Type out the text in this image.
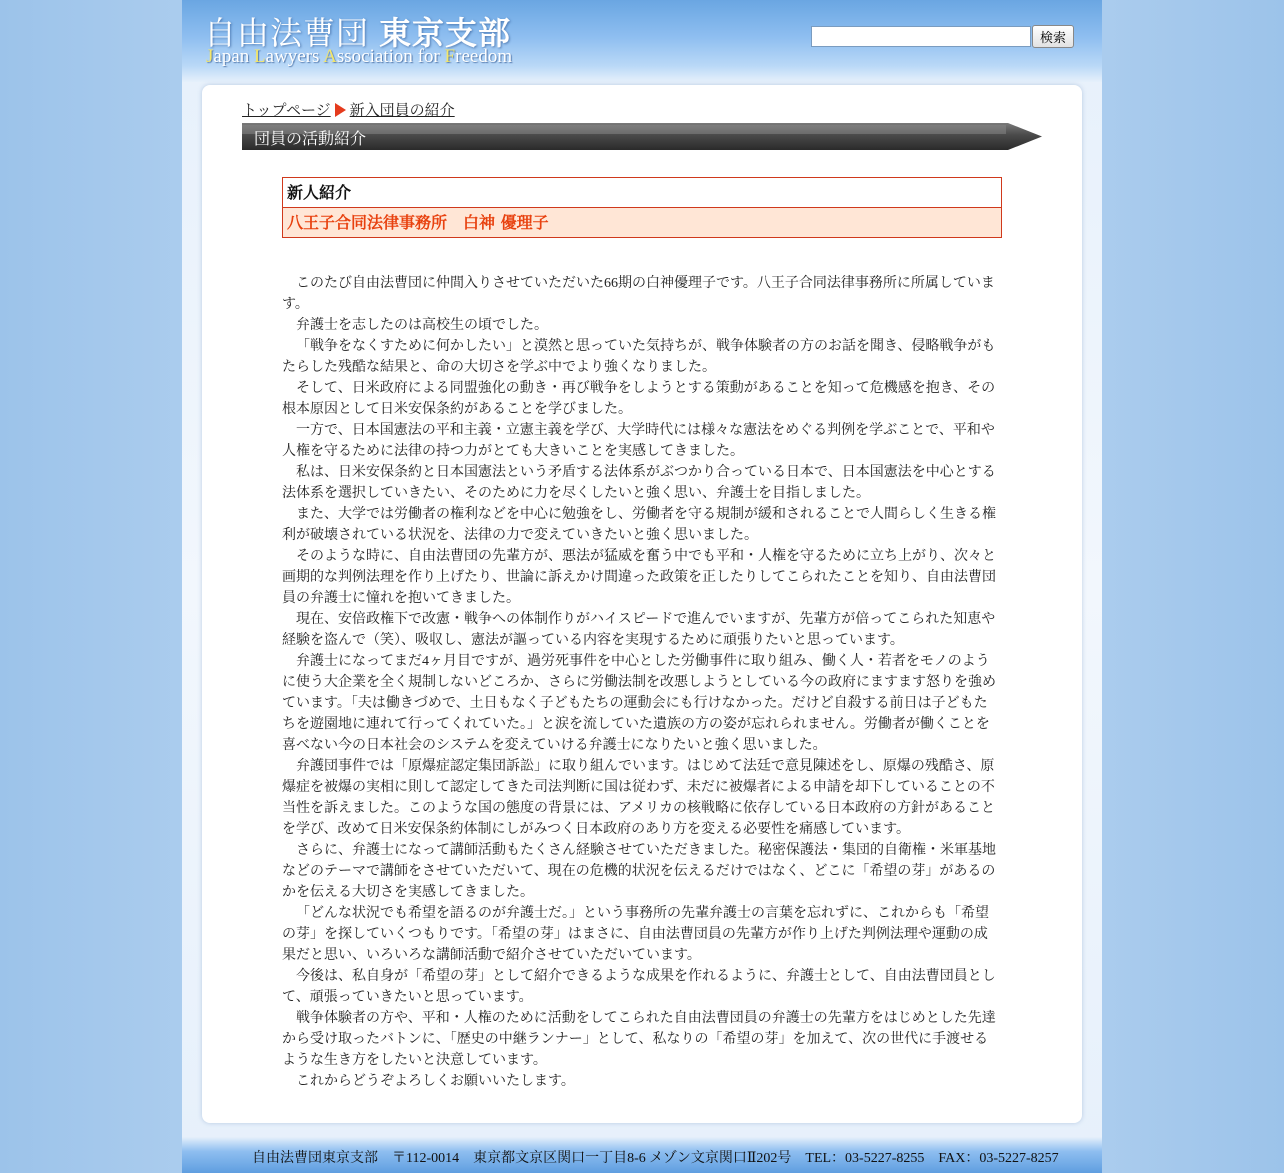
自由法曹団 東京支部
Japan Lawyers Association for Freedom
検索
トップページ 新入団員の紹介
団員の活動紹介
新人紹介
八王子合同法律事務所　白神 優理子

このたび自由法曹団に仲間入りさせていただいた66期の白神優理子です。八王子合同法律事務所に所属しています。

弁護士を志したのは高校生の頃でした。

「戦争をなくすために何かしたい」と漠然と思っていた気持ちが、戦争体験者の方のお話を聞き、侵略戦争がもたらした残酷な結果と、命の大切さを学ぶ中でより強くなりました。

そして、日米政府による同盟強化の動き・再び戦争をしようとする策動があることを知って危機感を抱き、その根本原因として日米安保条約があることを学びました。

一方で、日本国憲法の平和主義・立憲主義を学び、大学時代には様々な憲法をめぐる判例を学ぶことで、平和や人権を守るために法律の持つ力がとても大きいことを実感してきました。

私は、日米安保条約と日本国憲法という矛盾する法体系がぶつかり合っている日本で、日本国憲法を中心とする法体系を選択していきたい、そのために力を尽くしたいと強く思い、弁護士を目指しました。

また、大学では労働者の権利などを中心に勉強をし、労働者を守る規制が緩和されることで人間らしく生きる権利が破壊されている状況を、法律の力で変えていきたいと強く思いました。

そのような時に、自由法曹団の先輩方が、悪法が猛威を奮う中でも平和・人権を守るために立ち上がり、次々と画期的な判例法理を作り上げたり、世論に訴えかけ間違った政策を正したりしてこられたことを知り、自由法曹団員の弁護士に憧れを抱いてきました。

現在、安倍政権下で改憲・戦争への体制作りがハイスピードで進んでいますが、先輩方が倍ってこられた知恵や経験を盗んで（笑）、吸収し、憲法が謳っている内容を実現するために頑張りたいと思っています。

弁護士になってまだ4ヶ月目ですが、過労死事件を中心とした労働事件に取り組み、働く人・若者をモノのように使う大企業を全く規制しないどころか、さらに労働法制を改悪しようとしている今の政府にますます怒りを強めています。「夫は働きづめで、土日もなく子どもたちの運動会にも行けなかった。だけど自殺する前日は子どもたちを遊園地に連れて行ってくれていた。」と涙を流していた遺族の方の姿が忘れられません。労働者が働くことを喜べない今の日本社会のシステムを変えていける弁護士になりたいと強く思いました。

弁護団事件では「原爆症認定集団訴訟」に取り組んでいます。はじめて法廷で意見陳述をし、原爆の残酷さ、原爆症を被爆の実相に則して認定してきた司法判断に国は従わず、未だに被爆者による申請を却下していることの不当性を訴えました。このような国の態度の背景には、アメリカの核戦略に依存している日本政府の方針があることを学び、改めて日米安保条約体制にしがみつく日本政府のあり方を変える必要性を痛感しています。

さらに、弁護士になって講師活動もたくさん経験させていただきました。秘密保護法・集団的自衛権・米軍基地などのテーマで講師をさせていただいて、現在の危機的状況を伝えるだけではなく、どこに「希望の芽」があるのかを伝える大切さを実感してきました。

「どんな状況でも希望を語るのが弁護士だ。」という事務所の先輩弁護士の言葉を忘れずに、これからも「希望の芽」を探していくつもりです。「希望の芽」はまさに、自由法曹団員の先輩方が作り上げた判例法理や運動の成果だと思い、いろいろな講師活動で紹介させていただいています。

今後は、私自身が「希望の芽」として紹介できるような成果を作れるように、弁護士として、自由法曹団員として、頑張っていきたいと思っています。

戦争体験者の方や、平和・人権のために活動をしてこられた自由法曹団員の弁護士の先輩方をはじめとした先達から受け取ったバトンに、「歴史の中継ランナー」として、私なりの「希望の芽」を加えて、次の世代に手渡せるような生き方をしたいと決意しています。

これからどうぞよろしくお願いいたします。

自由法曹団東京支部　〒112-0014　東京都文京区関口一丁目8-6 メゾン文京関口Ⅱ202号　TEL：03-5227-8255　FAX：03-5227-8257
